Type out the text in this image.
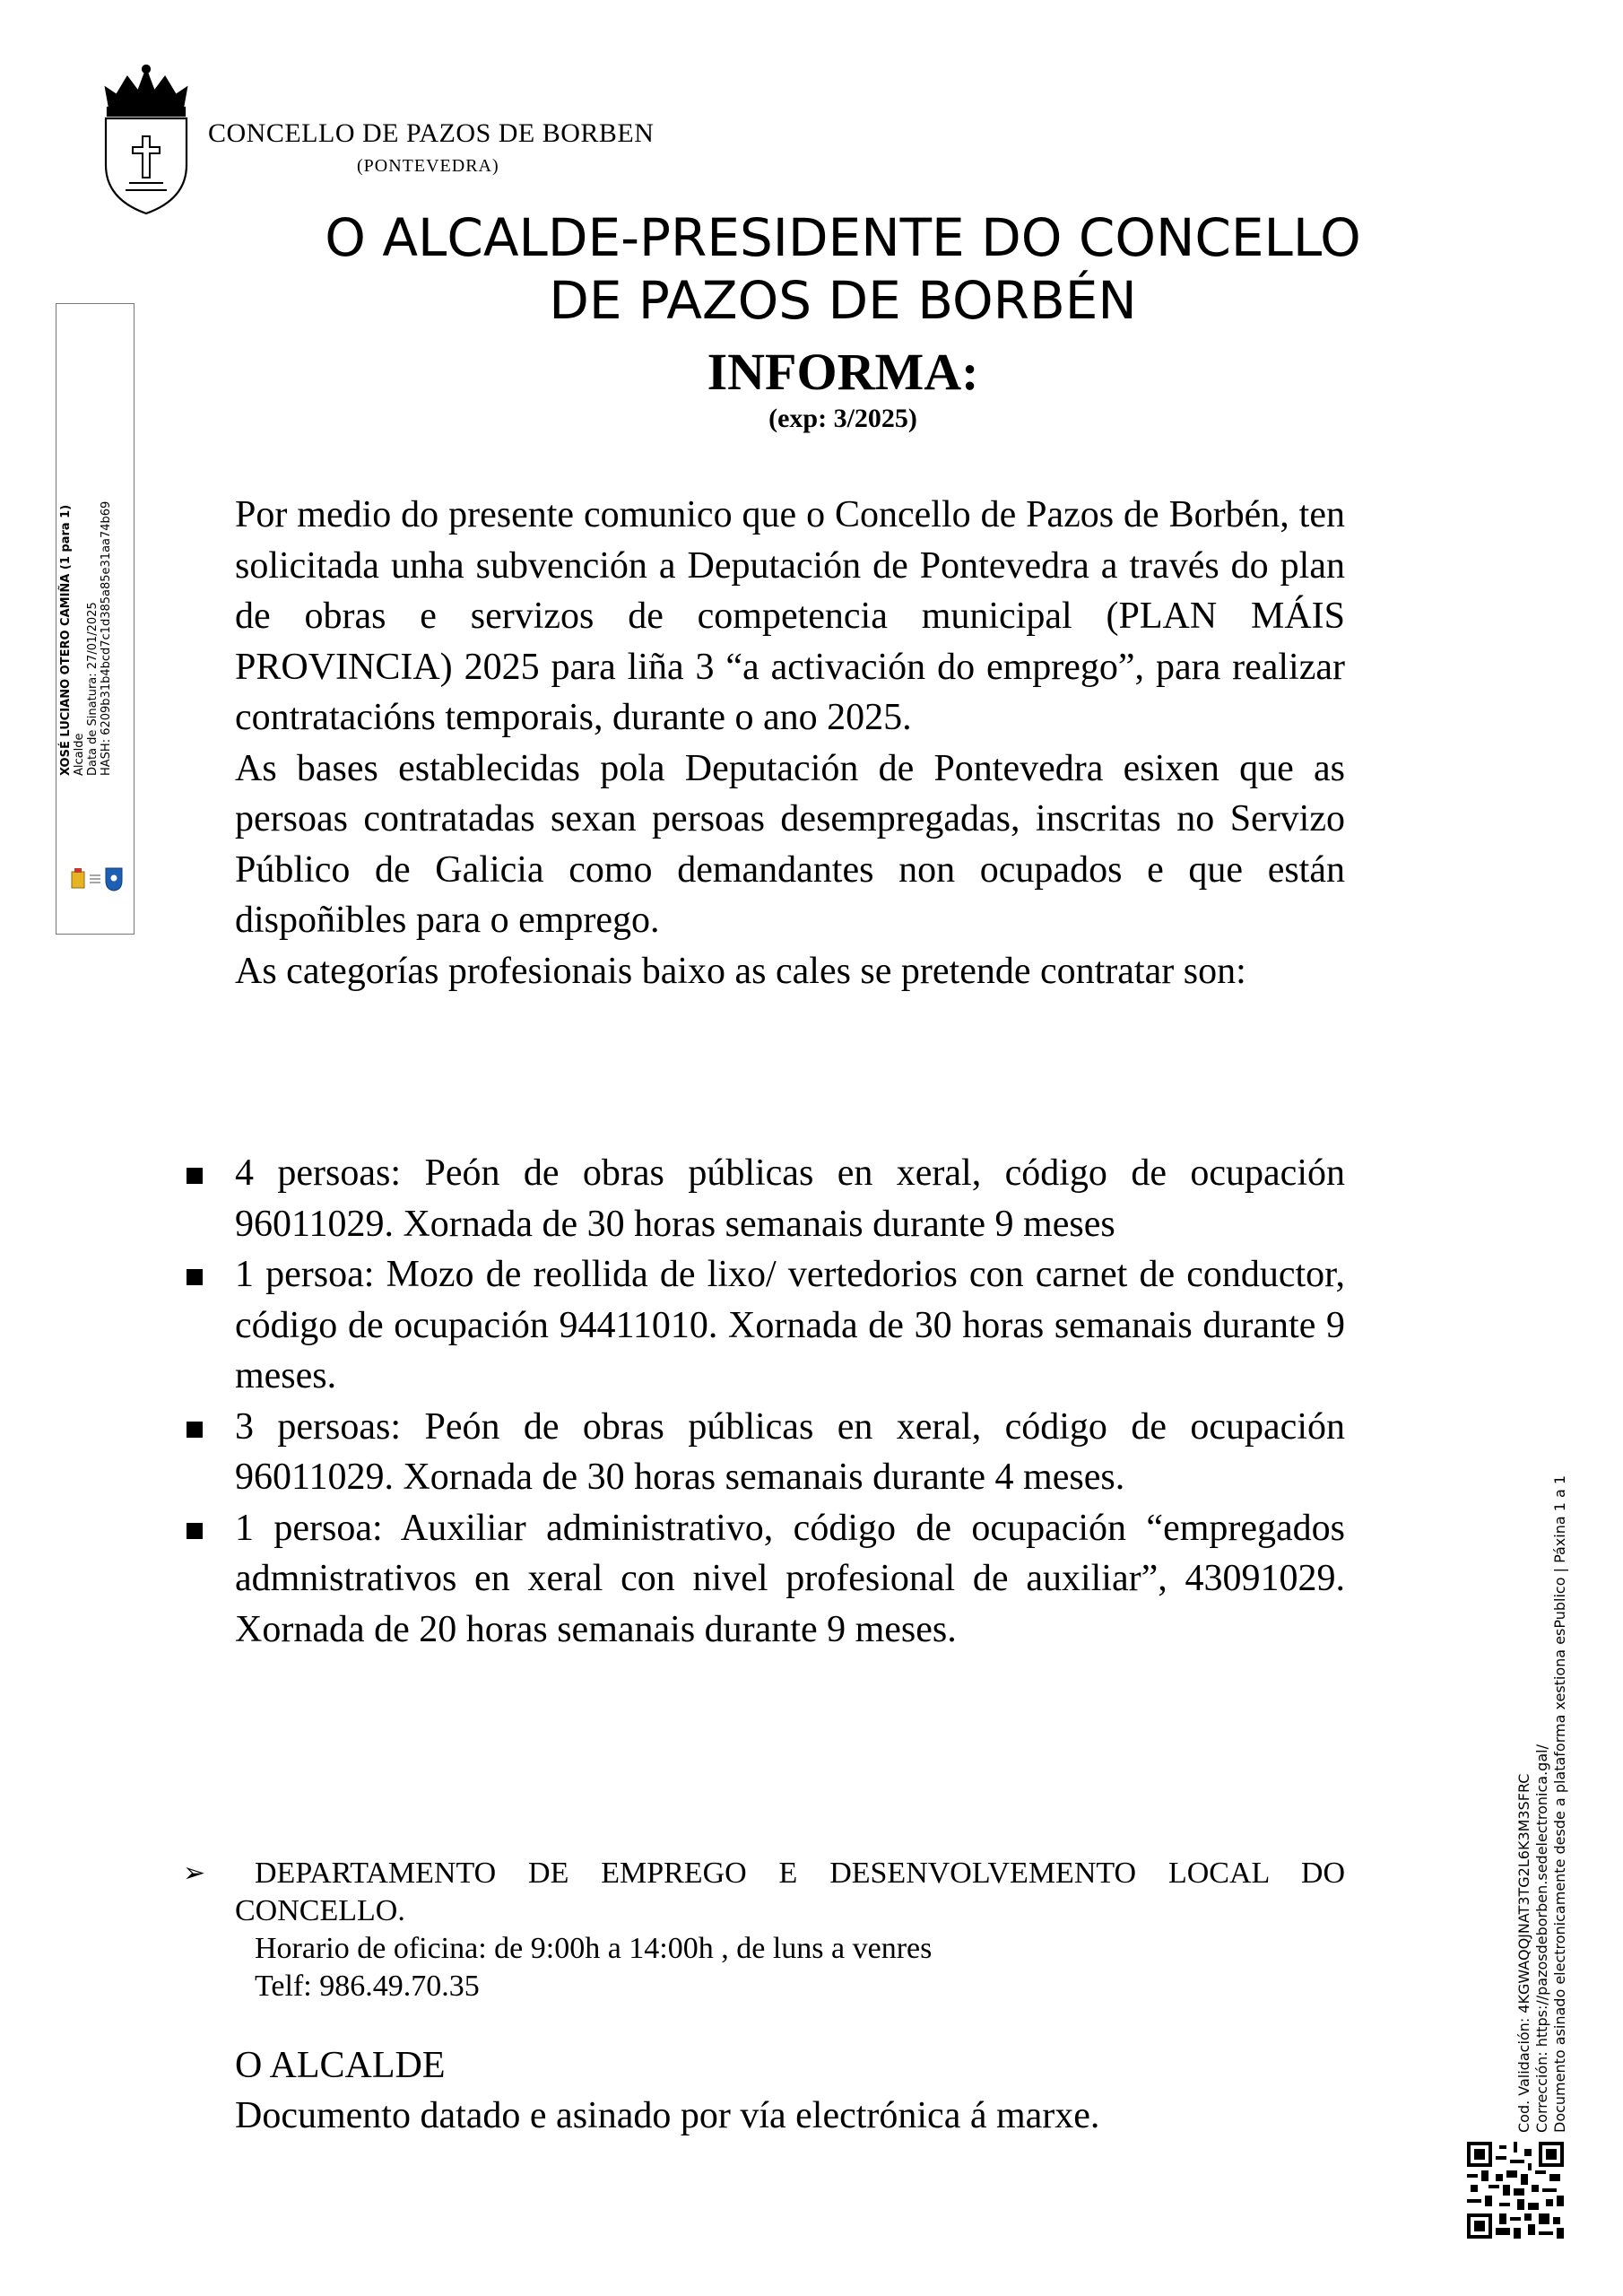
CONCELLO DE PAZOS DE BORBEN
(PONTEVEDRA)
O ALCALDE-PRESIDENTE DO CONCELLO
DE PAZOS DE BORBÉN
INFORMA:
(exp: 3/2025)

Por medio do presente comunico que o Concello de Pazos de Borbén, ten solicitada unha subvención a Deputación de Pontevedra a través do plan de obras e servizos de competencia municipal (PLAN MÁIS PROVINCIA) 2025 para liña 3 “a activación do emprego”, para realizar contratacións temporais, durante o ano 2025.

As bases establecidas pola Deputación de Pontevedra esixen que as persoas contratadas sexan persoas desempregadas, inscritas no Servizo Público de Galicia como demandantes non ocupados e que están dispoñibles para o emprego.

As categorías profesionais baixo as cales se pretende contratar son:

4 persoas: Peón de obras públicas en xeral, código de ocupación 96011029. Xornada de 30 horas semanais durante 9 meses
1 persoa: Mozo de reollida de lixo/ vertedorios con carnet de conductor, código de ocupación 94411010. Xornada de 30 horas semanais durante 9 meses.
3 persoas: Peón de obras públicas en xeral, código de ocupación 96011029. Xornada de 30 horas semanais durante 4 meses.
1 persoa: Auxiliar administrativo, código de ocupación “empregados admnistrativos en xeral con nivel profesional de auxiliar”, 43091029. Xornada de 20 horas semanais durante 9 meses.
➢	DEPARTAMENTO DE EMPREGO E DESENVOLVEMENTO LOCAL DO CONCELLO.
Horario de oficina: de 9:00h a 14:00h , de luns a venres
Telf: 986.49.70.35
O ALCALDE
Documento datado e asinado por vía electrónica á marxe.
XOSÉ LUCIANO OTERO CAMIÑA (1 para 1) Alcalde Data de Sinatura: 27/01/2025 HASH: 6209b31b4bcd7c1d385a85e31aa74b69
Cod. Validación: 4KGWAQQJNAT3TG2L6K3M3SFRC Corrección: https://pazosdeborben.sedelectronica.gal/ Documento asinado electronicamente desde a plataforma xestiona esPublico | Páxina 1 a 1
